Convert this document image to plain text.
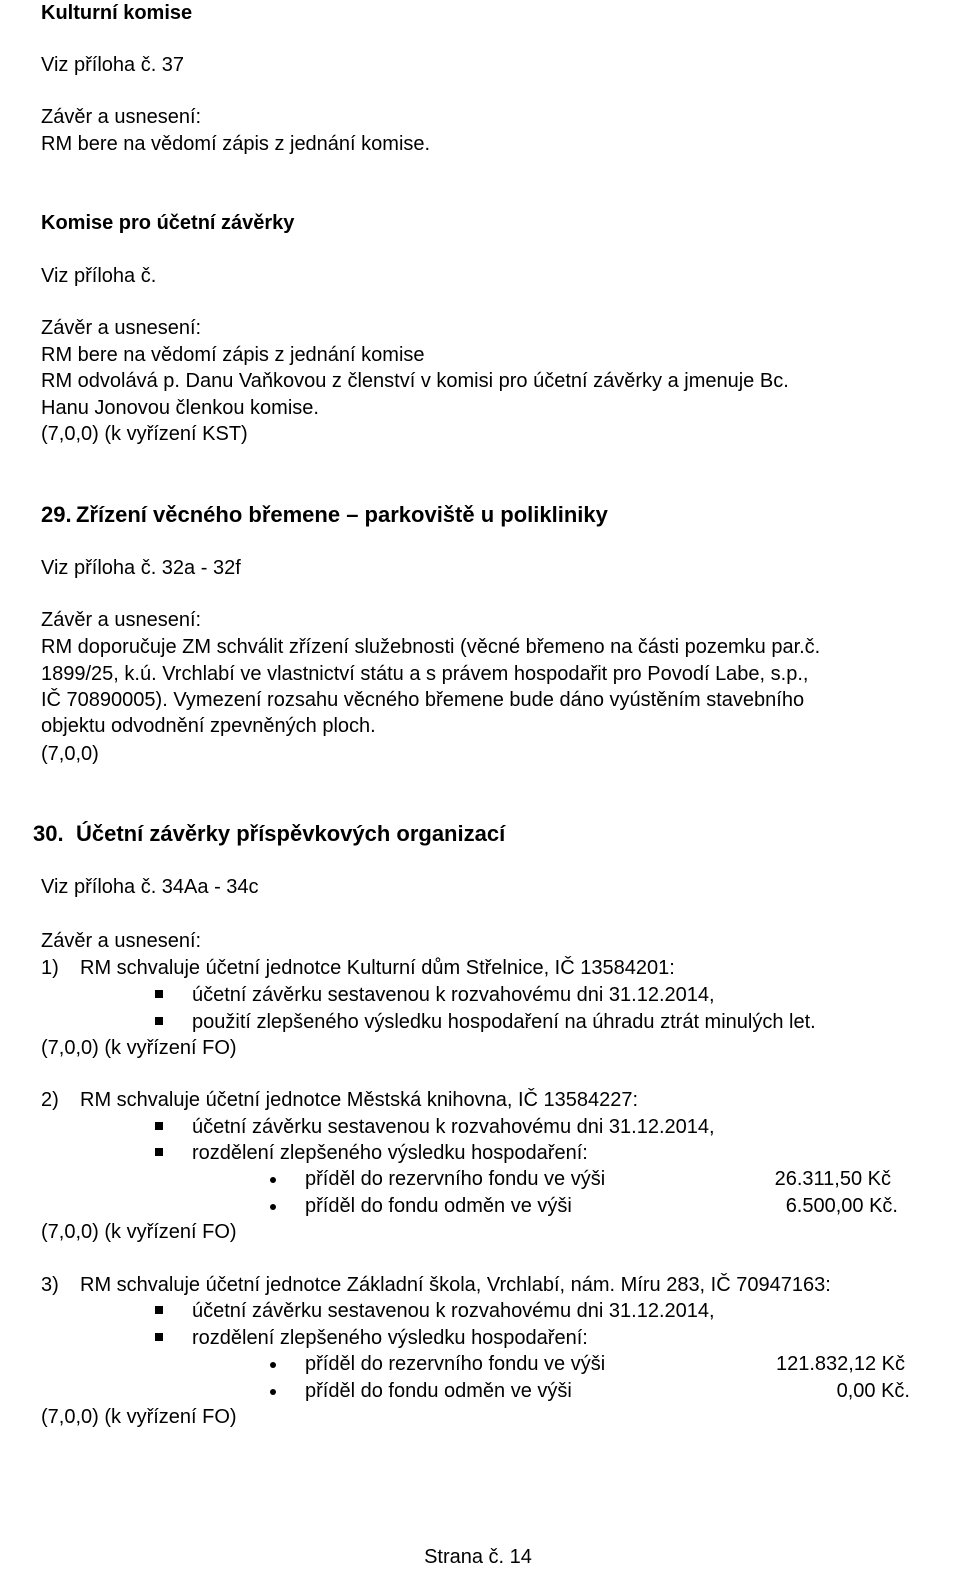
Kulturní komise
Viz příloha č. 37
Závěr a usnesení:
RM bere na vědomí zápis z jednání komise.
Komise pro účetní závěrky
Viz příloha č.
Závěr a usnesení:
RM bere na vědomí zápis z jednání komise
RM odvolává p. Danu Vaňkovou z členství v komisi pro účetní závěrky a jmenuje Bc.
Hanu Jonovou členkou komise.
(7,0,0) (k vyřízení KST)
29. Zřízení věcného břemene – parkoviště u polikliniky
Viz příloha č. 32a - 32f
Závěr a usnesení:
RM doporučuje ZM schválit zřízení služebnosti (věcné břemeno na části pozemku par.č.
1899/25, k.ú. Vrchlabí ve vlastnictví státu a s právem hospodařit pro Povodí Labe, s.p.,
IČ 70890005). Vymezení rozsahu věcného břemene bude dáno vyústěním stavebního
objektu odvodnění zpevněných ploch.
(7,0,0)
30. Účetní závěrky příspěvkových organizací
Viz příloha č. 34Aa - 34c
Závěr a usnesení:
1) RM schvaluje účetní jednotce Kulturní dům Střelnice, IČ 13584201:
účetní závěrku sestavenou k rozvahovému dni 31.12.2014,
použití zlepšeného výsledku hospodaření na úhradu ztrát minulých let.
(7,0,0) (k vyřízení FO)
2) RM schvaluje účetní jednotce Městská knihovna, IČ 13584227:
účetní závěrku sestavenou k rozvahovému dni 31.12.2014,
rozdělení zlepšeného výsledku hospodaření:
příděl do rezervního fondu ve výši	26.311,50 Kč
příděl do fondu odměn ve výši	6.500,00 Kč.
(7,0,0) (k vyřízení FO)
3) RM schvaluje účetní jednotce Základní škola, Vrchlabí, nám. Míru 283, IČ 70947163:
účetní závěrku sestavenou k rozvahovému dni 31.12.2014,
rozdělení zlepšeného výsledku hospodaření:
příděl do rezervního fondu ve výši	121.832,12 Kč
příděl do fondu odměn ve výši	0,00 Kč.
(7,0,0) (k vyřízení FO)
Strana č. 14
